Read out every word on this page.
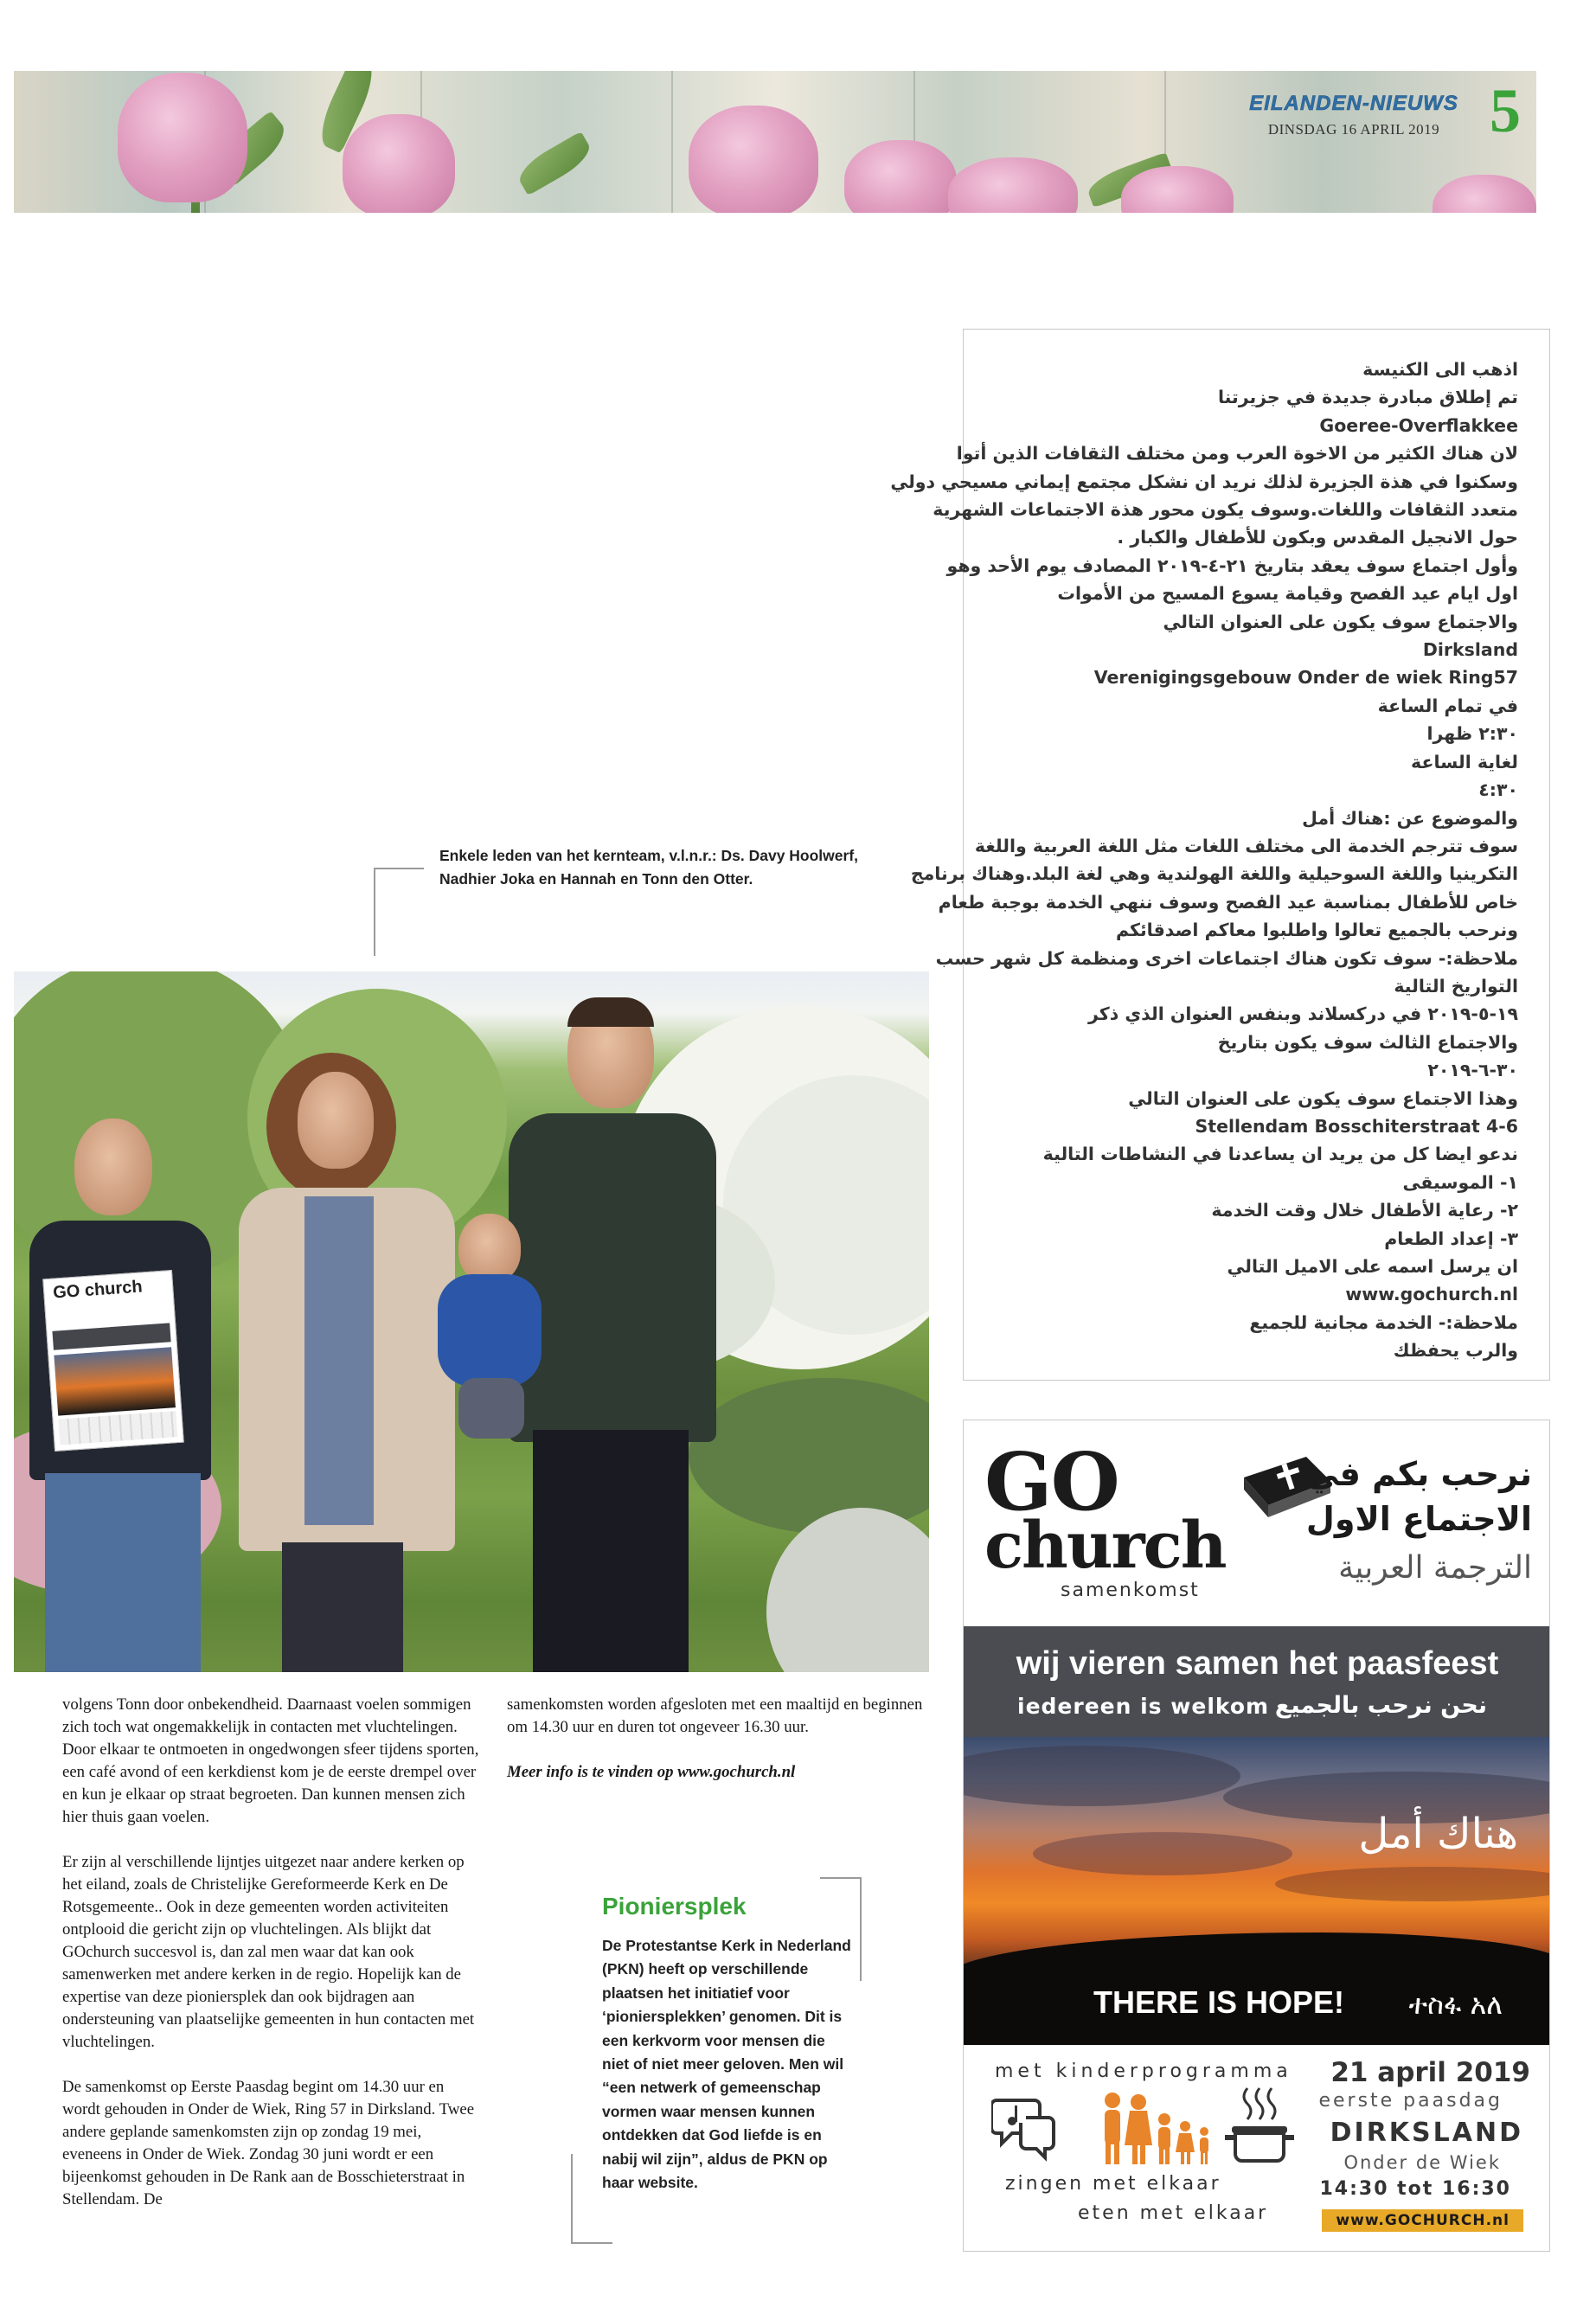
EILANDEN-NIEUWS
DINSDAG 16 APRIL 2019 5
Enkele leden van het kernteam, v.l.n.r.: Ds. Davy Hoolwerf, Nadhier Joka en Hannah en Tonn den Otter.
GO church

volgens Tonn door onbekendheid. Daarnaast voelen sommigen zich toch wat ongemakkelijk in contacten met vluchtelingen. Door elkaar te ontmoeten in ongedwongen sfeer tijdens sporten, een café avond of een kerkdienst kom je de eerste drempel over en kun je elkaar op straat begroeten. Dan kunnen mensen zich hier thuis gaan voelen.

Er zijn al verschillende lijntjes uitgezet naar andere kerken op het eiland, zoals de Christelijke Gereformeerde Kerk en De Rotsgemeente.. Ook in deze gemeenten worden activiteiten ontplooid die gericht zijn op vluchtelingen. Als blijkt dat GOchurch succesvol is, dan zal men waar dat kan ook samenwerken met andere kerken in de regio. Hopelijk kan de expertise van deze pioniersplek dan ook bijdragen aan ondersteuning van plaatselijke gemeenten in hun contacten met vluchtelingen.

De samenkomst op Eerste Paasdag begint om 14.30 uur en wordt gehouden in Onder de Wiek, Ring 57 in Dirksland. Twee andere geplande samenkomsten zijn op zondag 19 mei, eveneens in Onder de Wiek. Zondag 30 juni wordt er een bijeenkomst gehouden in De Rank aan de Bosschieterstraat in Stellendam. De

samenkomsten worden afgesloten met een maaltijd en beginnen om 14.30 uur en duren tot ongeveer 16.30 uur.

Meer info is te vinden op www.gochurch.nl

Pioniersplek
De Protestantse Kerk in Nederland (PKN) heeft op verschillende plaatsen het initiatief voor ‘pioniersplekken’ genomen. Dit is een kerkvorm voor mensen die niet of niet meer geloven. Men wil “een netwerk of gemeenschap vormen waar mensen kunnen ontdekken dat God liefde is en nabij wil zijn”, aldus de PKN op haar website.
اذهب الى الكنيسة
تم إطلاق مبادرة جديدة في جزيرتنا
Goeree-Overflakkee
لان هناك الكثير من الاخوة العرب ومن مختلف الثقافات الذين أتوا
وسكنوا في هذة الجزيرة لذلك نريد ان نشكل مجتمع إيماني مسيحي دولي
متعدد الثقافات واللغات.وسوف يكون محور هذة الاجتماعات الشهرية
حول الانجيل المقدس وبكون للأطفال والكبار .
وأول اجتماع سوف يعقد بتاريخ ٢١-٤-٢٠١٩ المصادف يوم الأحد وهو
اول ايام عيد الفصح وقيامة يسوع المسيح من الأموات
والاجتماع سوف يكون على العنوان التالي
Dirksland
Verenigingsgebouw Onder de wiek Ring57
في تمام الساعة
٢:٣٠ ظهرا
لغاية الساعة
٤:٣٠
والموضوع عن :هناك أمل
سوف تترجم الخدمة الى مختلف اللغات مثل اللغة العربية واللغة
التكرينيا واللغة السوحيلية واللغة الهولندية وهي لغة البلد.وهناك برنامج
خاص للأطفال بمناسبة عيد الفصح وسوف ننهي الخدمة بوجبة طعام
ونرحب بالجميع تعالوا واطلبوا معاكم اصدقائكم
ملاحظة:- سوف تكون هناك اجتماعات اخرى ومنظمة كل شهر حسب
التواريخ التالية
١٩-٥-٢٠١٩ في دركسلاند وبنفس العنوان الذي ذكر
والاجتماع الثالث سوف يكون بتاريخ
٣٠-٦-٢٠١٩
وهذا الاجتماع سوف يكون على العنوان التالي
Stellendam Bosschiterstraat 4-6
ندعو ايضا كل من يريد ان يساعدنا في النشاطات التالية
١- الموسيقى
٢- رعاية الأطفال خلال وقت الخدمة
٣- إعداد الطعام
ان يرسل اسمه على الاميل التالي
www.gochurch.nl
ملاحظة:- الخدمة مجانية للجميع
والرب يحفظك
GO
church
samenkomst
نرحب بكم في
الاجتماع الاول
الترجمة العربية
wij vieren samen het paasfeest
iedereen is welkom نحن نرحب بالجميع
هناك أمل
THERE IS HOPE! ተስፋ አለ
met kinderprogramma 21 april 2019
eerste paasdag
DIRKSLAND
Onder de Wiek
14:30 tot 16:30
www.GOCHURCH.nl
zingen met elkaar
eten met elkaar
